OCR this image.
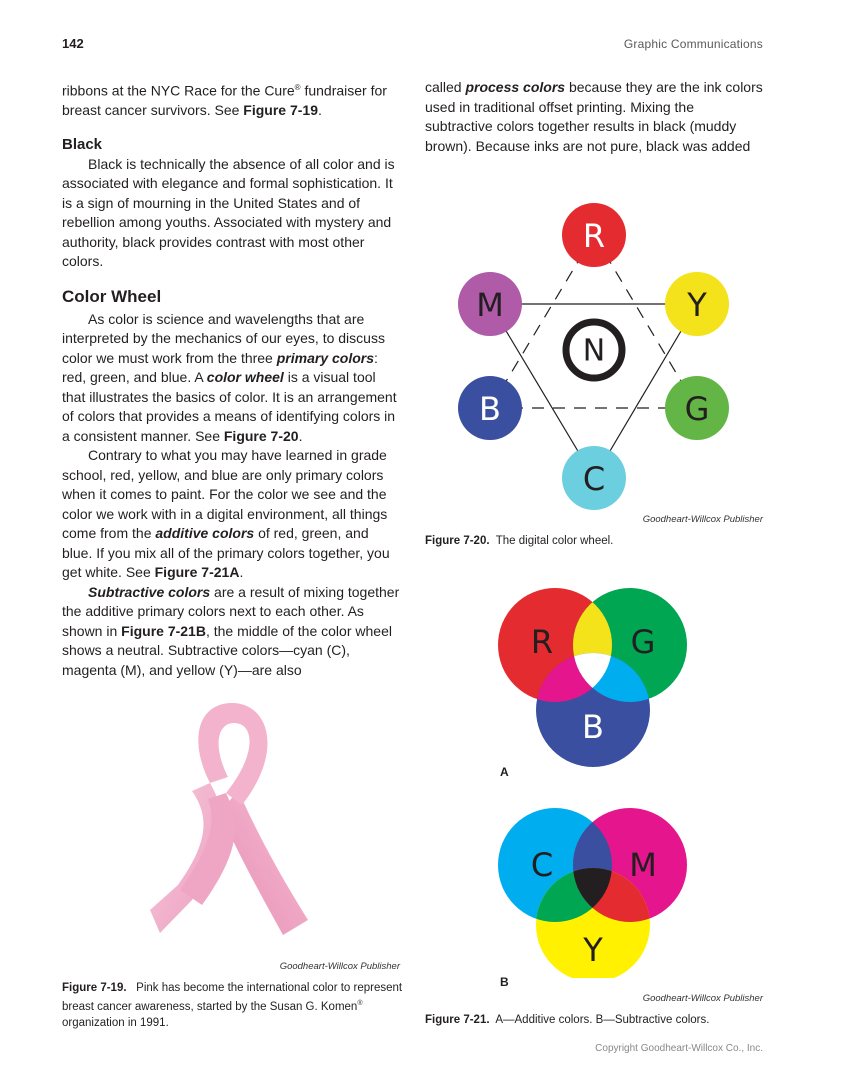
142	Graphic Communications

ribbons at the NYC Race for the Cure® fundraiser for breast cancer survivors. See Figure 7-19.

Black

Black is technically the absence of all color and is associated with elegance and formal sophistication. It is a sign of mourning in the United States and of rebellion among youths. Associated with mystery and authority, black provides contrast with most other colors.

Color Wheel

As color is science and wavelengths that are interpreted by the mechanics of our eyes, to discuss color we must work from the three primary colors: red, green, and blue. A color wheel is a visual tool that illustrates the basics of color. It is an arrangement of colors that provides a means of identifying colors in a consistent manner. See Figure 7-20.

Contrary to what you may have learned in grade school, red, yellow, and blue are only primary colors when it comes to paint. For the color we see and the color we work with in a digital environment, all things come from the additive colors of red, green, and blue. If you mix all of the primary colors together, you get white. See Figure 7-21A.

Subtractive colors are a result of mixing together the additive primary colors next to each other. As shown in Figure 7-21B, the middle of the color wheel shows a neutral. Subtractive colors—cyan (C), magenta (M), and yellow (Y)—are also

called process colors because they are the ink colors used in traditional offset printing. Mixing the subtractive colors together results in black (muddy brown). Because inks are not pure, black was added

R
Y
G
C
B
M
N
Goodheart-Willcox Publisher
Figure 7-20. The digital color wheel.
R G
B
A
C M
Y
B
Goodheart-Willcox Publisher
Figure 7-21. A—Additive colors. B—Subtractive colors.
Goodheart-Willcox Publisher
Figure 7-19. Pink has become the international color to represent breast cancer awareness, started by the Susan G. Komen® organization in 1991.
Copyright Goodheart-Willcox Co., Inc.
